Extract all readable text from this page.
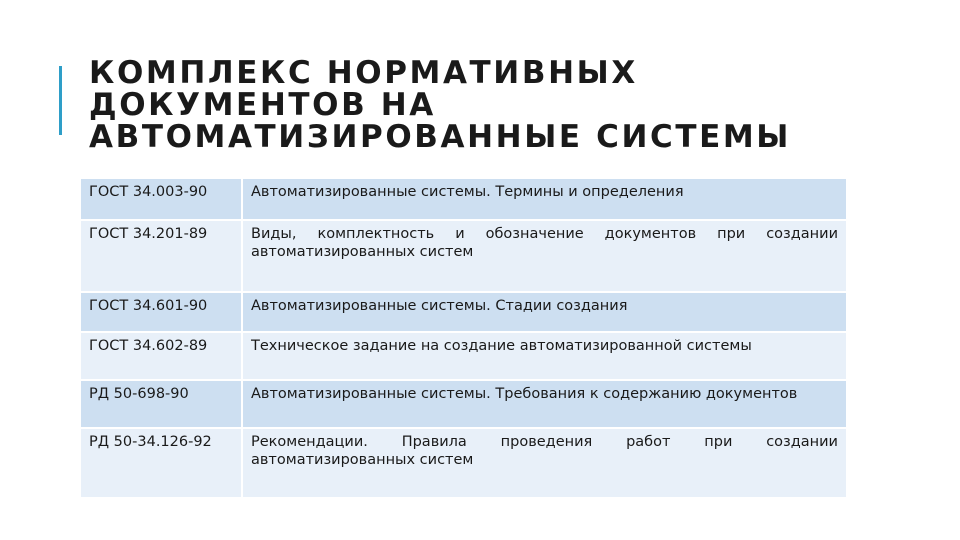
КОМПЛЕКС НОРМАТИВНЫХ
ДОКУМЕНТОВ НА
АВТОМАТИЗИРОВАННЫЕ СИСТЕМЫ
ГОСТ 34.003-90	Автоматизированные системы. Термины и определения
ГОСТ 34.201-89	Виды, комплектность и обозначение документов при создании автоматизированных систем
ГОСТ 34.601-90	Автоматизированные системы. Стадии создания
ГОСТ 34.602-89	Техническое задание на создание автоматизированной системы
РД 50-698-90	Автоматизированные системы. Требования к содержанию документов
РД 50-34.126-92	Рекомендации. Правила проведения работ при создании автоматизированных систем
